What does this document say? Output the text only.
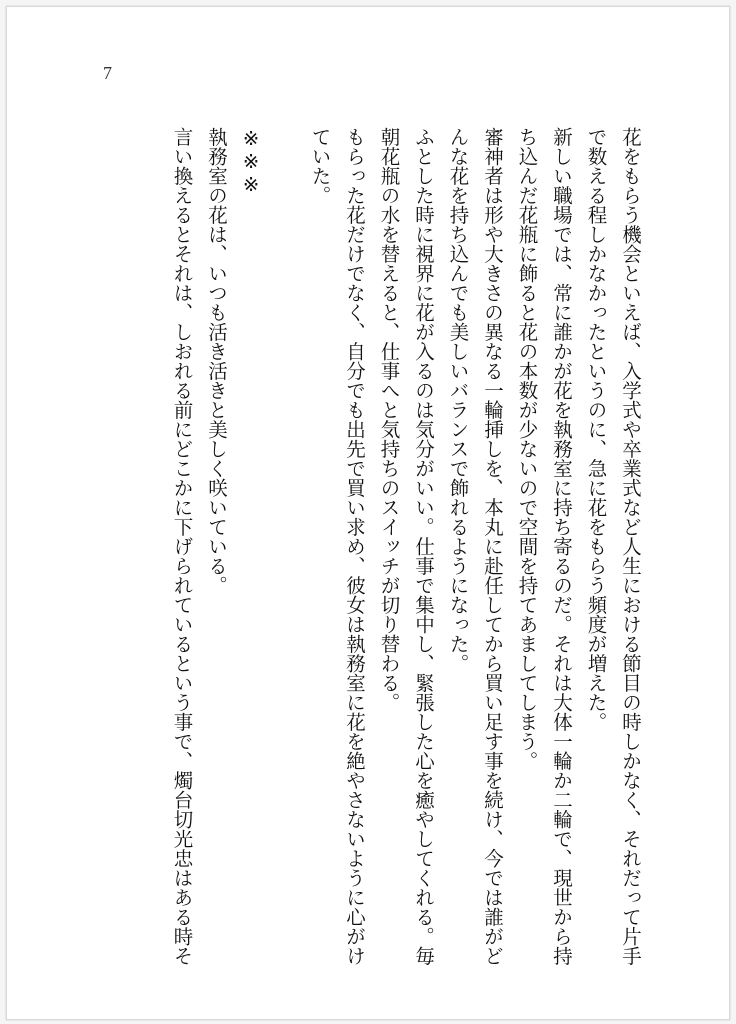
7

花をもらう機会といえば、入学式や卒業式など人生における節目の時しかなく、それだって片手

で数える程しかなかったというのに、急に花をもらう頻度が増えた。

新しい職場では、常に誰かが花を執務室に持ち寄るのだ。それは大体一輪か二輪で、現世から持

ち込んだ花瓶に飾ると花の本数が少ないので空間を持てあましてしまう。

審神者は形や大きさの異なる一輪挿しを、本丸に赴任してから買い足す事を続け、今では誰がど

んな花を持ち込んでも美しいバランスで飾れるようになった。

ふとした時に視界に花が入るのは気分がいい。仕事で集中し、緊張した心を癒やしてくれる。毎

朝花瓶の水を替えると、仕事へと気持ちのスイッチが切り替わる。

もらった花だけでなく、自分でも出先で買い求め、彼女は執務室に花を絶やさないように心がけ

ていた。

※※※

執務室の花は、いつも活き活きと美しく咲いている。

言い換えるとそれは、しおれる前にどこかに下げられているという事で、燭台切光忠はある時そ
